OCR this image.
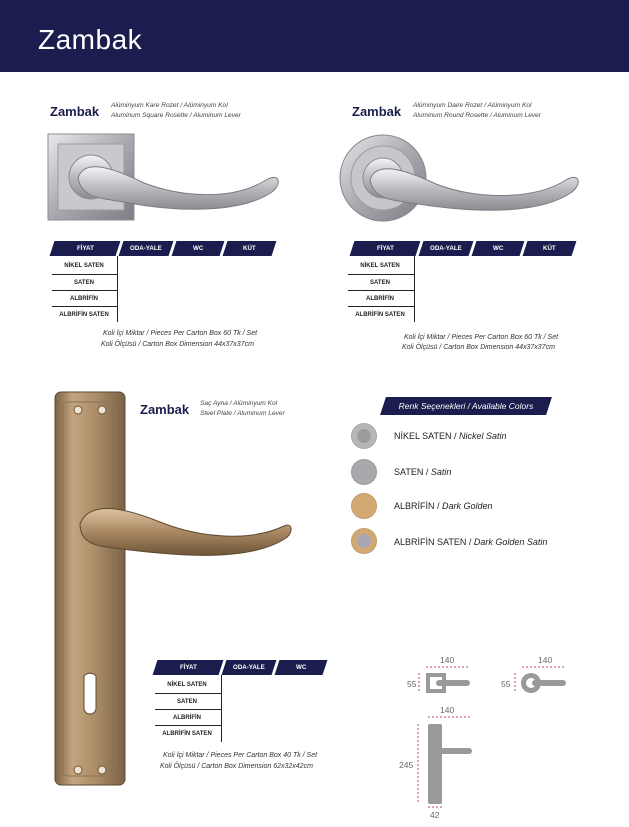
Zambak
Zambak Alüminyum Kare Rozet / Alüminyum Kol
Aluminum Square Rosette / Aluminum Lever
FİYAT	ODA-YALE	WC	KÜT
NİKEL SATEN
SATEN
ALBRİFİN
ALBRİFİN SATEN
Koli İçi Miktar / Pieces Per Carton Box 60 Tk / Set
Koli Ölçüsü / Carton Box Dimension 44x37x37cm
Zambak Alüminyum Daire Rozet / Alüminyum Kol
Aluminum Round Rosette / Aluminum Lever
FİYAT	ODA-YALE	WC	KÜT
NİKEL SATEN
SATEN
ALBRİFİN
ALBRİFİN SATEN
Koli İçi Miktar / Pieces Per Carton Box 60 Tk / Set
Koli Ölçüsü / Carton Box Dimension 44x37x37cm
Zambak Saç Ayna / Alüminyum Kol
Steel Plate / Aluminum Lever
FİYAT	ODA-YALE	WC
NİKEL SATEN
SATEN
ALBRİFİN
ALBRİFİN SATEN
Koli İçi Miktar / Pieces Per Carton Box 40 Tk / Set
Koli Ölçüsü / Carton Box Dimension 62x32x42cm
Renk Seçenekleri / Available Colors
NİKEL SATEN / Nickel Satin
SATEN / Satin
ALBRİFİN / Dark Golden
ALBRİFİN SATEN / Dark Golden Satin
140
55
140
55
140
245
42
